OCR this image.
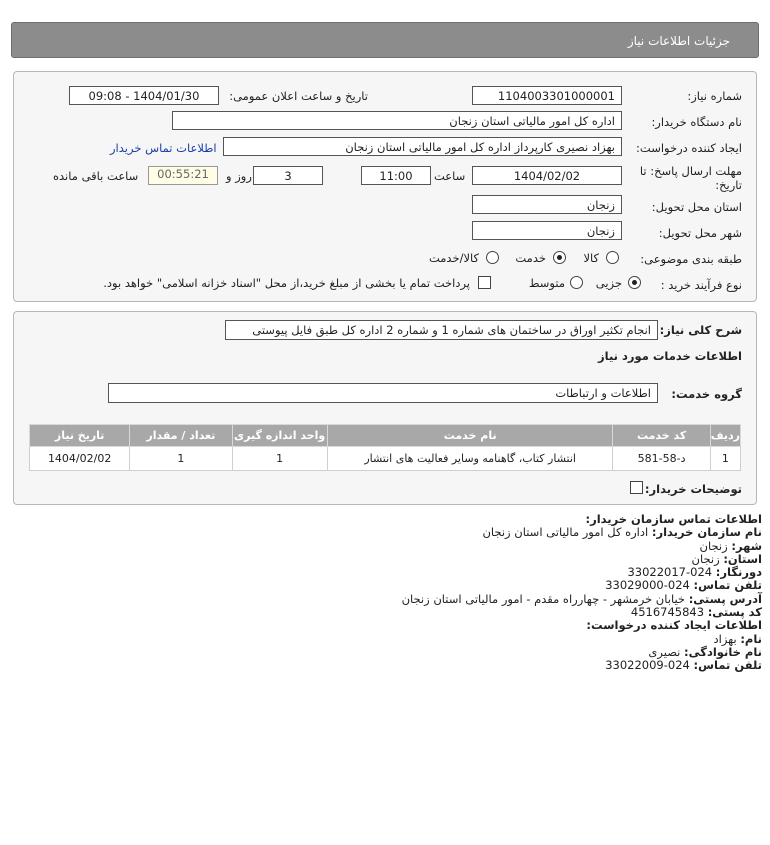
جزئیات اطلاعات نیاز
شماره نیاز:
1104003301000001
تاریخ و ساعت اعلان عمومی:
1404/01/30 - 09:08
نام دستگاه خریدار:
اداره کل امور مالیاتی استان زنجان
ایجاد کننده درخواست:
بهزاد نصیری کارپرداز اداره کل امور مالیاتی استان زنجان
اطلاعات تماس خریدار
مهلت ارسال پاسخ: تا تاریخ:
1404/02/02
ساعت
11:00
3
روز و
00:55:21
ساعت باقی مانده
استان محل تحویل:
زنجان
شهر محل تحویل:
زنجان
طبقه بندی موضوعی:
کالا
خدمت
کالا/خدمت
نوع فرآیند خرید :
جزیی
متوسط
پرداخت تمام یا بخشی از مبلغ خرید،از محل "اسناد خزانه اسلامی" خواهد بود.
شرح کلی نیاز:
انجام تکثیر اوراق در ساختمان های شماره 1 و شماره 2 اداره کل طبق فایل پیوستی
اطلاعات خدمات مورد نیاز
گروه خدمت:
اطلاعات و ارتباطات
ردیف	کد خدمت	نام خدمت	واحد اندازه گیری	تعداد / مقدار	تاریخ نیاز
1	د-58-581	انتشار کتاب، گاهنامه وسایر فعالیت های انتشار	1	1	1404/02/02
توضیحات خریدار:
اطلاعات تماس سازمان خریدار:
نام سازمان خریدار: اداره کل امور مالیاتی استان زنجان
شهر: زنجان
استان: زنجان
دورنگار: 024-33022017
تلفن تماس: 024-33029000
آدرس پستی: خیابان خرمشهر - چهارراه مقدم - امور مالیاتی استان زنجان
کد پستی: 4516745843
اطلاعات ایجاد کننده درخواست:
نام: بهزاد
نام خانوادگی: نصیری
تلفن تماس: 024-33022009
